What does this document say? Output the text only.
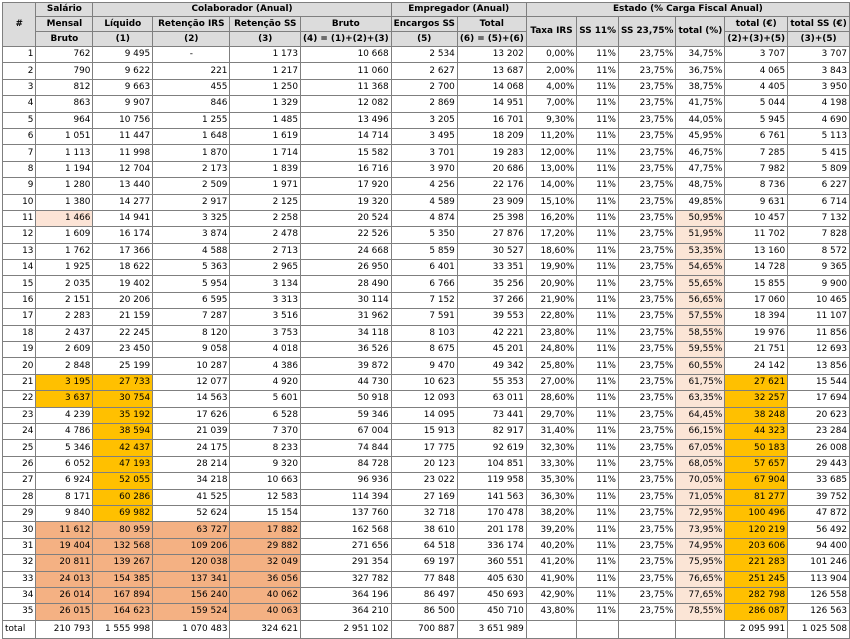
#	Salário	Colaborador (Anual)				Empregador (Anual)		Estado (% Carga Fiscal Anual)					
	Mensal	Líquido	Retenção IRS	Retenção SS	Bruto	Encargos SS	Total	Taxa IRS	SS 11%	SS 23,75%	total (%)	total (€)	total SS (€)
	Bruto	(1)	(2)	(3)	(4) = (1)+(2)+(3)	(5)	(6) = (5)+(6)					(2)+(3)+(5)	(3)+(5)
1	762	9 495	-	1 173	10 668	2 534	13 202	0,00%	11%	23,75%	34,75%	3 707	3 707
2	790	9 622	221	1 217	11 060	2 627	13 687	2,00%	11%	23,75%	36,75%	4 065	3 843
3	812	9 663	455	1 250	11 368	2 700	14 068	4,00%	11%	23,75%	38,75%	4 405	3 950
4	863	9 907	846	1 329	12 082	2 869	14 951	7,00%	11%	23,75%	41,75%	5 044	4 198
5	964	10 756	1 255	1 485	13 496	3 205	16 701	9,30%	11%	23,75%	44,05%	5 945	4 690
6	1 051	11 447	1 648	1 619	14 714	3 495	18 209	11,20%	11%	23,75%	45,95%	6 761	5 113
7	1 113	11 998	1 870	1 714	15 582	3 701	19 283	12,00%	11%	23,75%	46,75%	7 285	5 415
8	1 194	12 704	2 173	1 839	16 716	3 970	20 686	13,00%	11%	23,75%	47,75%	7 982	5 809
9	1 280	13 440	2 509	1 971	17 920	4 256	22 176	14,00%	11%	23,75%	48,75%	8 736	6 227
10	1 380	14 277	2 917	2 125	19 320	4 589	23 909	15,10%	11%	23,75%	49,85%	9 631	6 714
11	1 466	14 941	3 325	2 258	20 524	4 874	25 398	16,20%	11%	23,75%	50,95%	10 457	7 132
12	1 609	16 174	3 874	2 478	22 526	5 350	27 876	17,20%	11%	23,75%	51,95%	11 702	7 828
13	1 762	17 366	4 588	2 713	24 668	5 859	30 527	18,60%	11%	23,75%	53,35%	13 160	8 572
14	1 925	18 622	5 363	2 965	26 950	6 401	33 351	19,90%	11%	23,75%	54,65%	14 728	9 365
15	2 035	19 402	5 954	3 134	28 490	6 766	35 256	20,90%	11%	23,75%	55,65%	15 855	9 900
16	2 151	20 206	6 595	3 313	30 114	7 152	37 266	21,90%	11%	23,75%	56,65%	17 060	10 465
17	2 283	21 159	7 287	3 516	31 962	7 591	39 553	22,80%	11%	23,75%	57,55%	18 394	11 107
18	2 437	22 245	8 120	3 753	34 118	8 103	42 221	23,80%	11%	23,75%	58,55%	19 976	11 856
19	2 609	23 450	9 058	4 018	36 526	8 675	45 201	24,80%	11%	23,75%	59,55%	21 751	12 693
20	2 848	25 199	10 287	4 386	39 872	9 470	49 342	25,80%	11%	23,75%	60,55%	24 142	13 856
21	3 195	27 733	12 077	4 920	44 730	10 623	55 353	27,00%	11%	23,75%	61,75%	27 621	15 544
22	3 637	30 754	14 563	5 601	50 918	12 093	63 011	28,60%	11%	23,75%	63,35%	32 257	17 694
23	4 239	35 192	17 626	6 528	59 346	14 095	73 441	29,70%	11%	23,75%	64,45%	38 248	20 623
24	4 786	38 594	21 039	7 370	67 004	15 913	82 917	31,40%	11%	23,75%	66,15%	44 323	23 284
25	5 346	42 437	24 175	8 233	74 844	17 775	92 619	32,30%	11%	23,75%	67,05%	50 183	26 008
26	6 052	47 193	28 214	9 320	84 728	20 123	104 851	33,30%	11%	23,75%	68,05%	57 657	29 443
27	6 924	52 055	34 218	10 663	96 936	23 022	119 958	35,30%	11%	23,75%	70,05%	67 904	33 685
28	8 171	60 286	41 525	12 583	114 394	27 169	141 563	36,30%	11%	23,75%	71,05%	81 277	39 752
29	9 840	69 982	52 624	15 154	137 760	32 718	170 478	38,20%	11%	23,75%	72,95%	100 496	47 872
30	11 612	80 959	63 727	17 882	162 568	38 610	201 178	39,20%	11%	23,75%	73,95%	120 219	56 492
31	19 404	132 568	109 206	29 882	271 656	64 518	336 174	40,20%	11%	23,75%	74,95%	203 606	94 400
32	20 811	139 267	120 038	32 049	291 354	69 197	360 551	41,20%	11%	23,75%	75,95%	221 283	101 246
33	24 013	154 385	137 341	36 056	327 782	77 848	405 630	41,90%	11%	23,75%	76,65%	251 245	113 904
34	26 014	167 894	156 240	40 062	364 196	86 497	450 693	42,90%	11%	23,75%	77,65%	282 798	126 558
35	26 015	164 623	159 524	40 063	364 210	86 500	450 710	43,80%	11%	23,75%	78,55%	286 087	126 563
total	210 793	1 555 998	1 070 483	324 621	2 951 102	700 887	3 651 989					2 095 991	1 025 508
